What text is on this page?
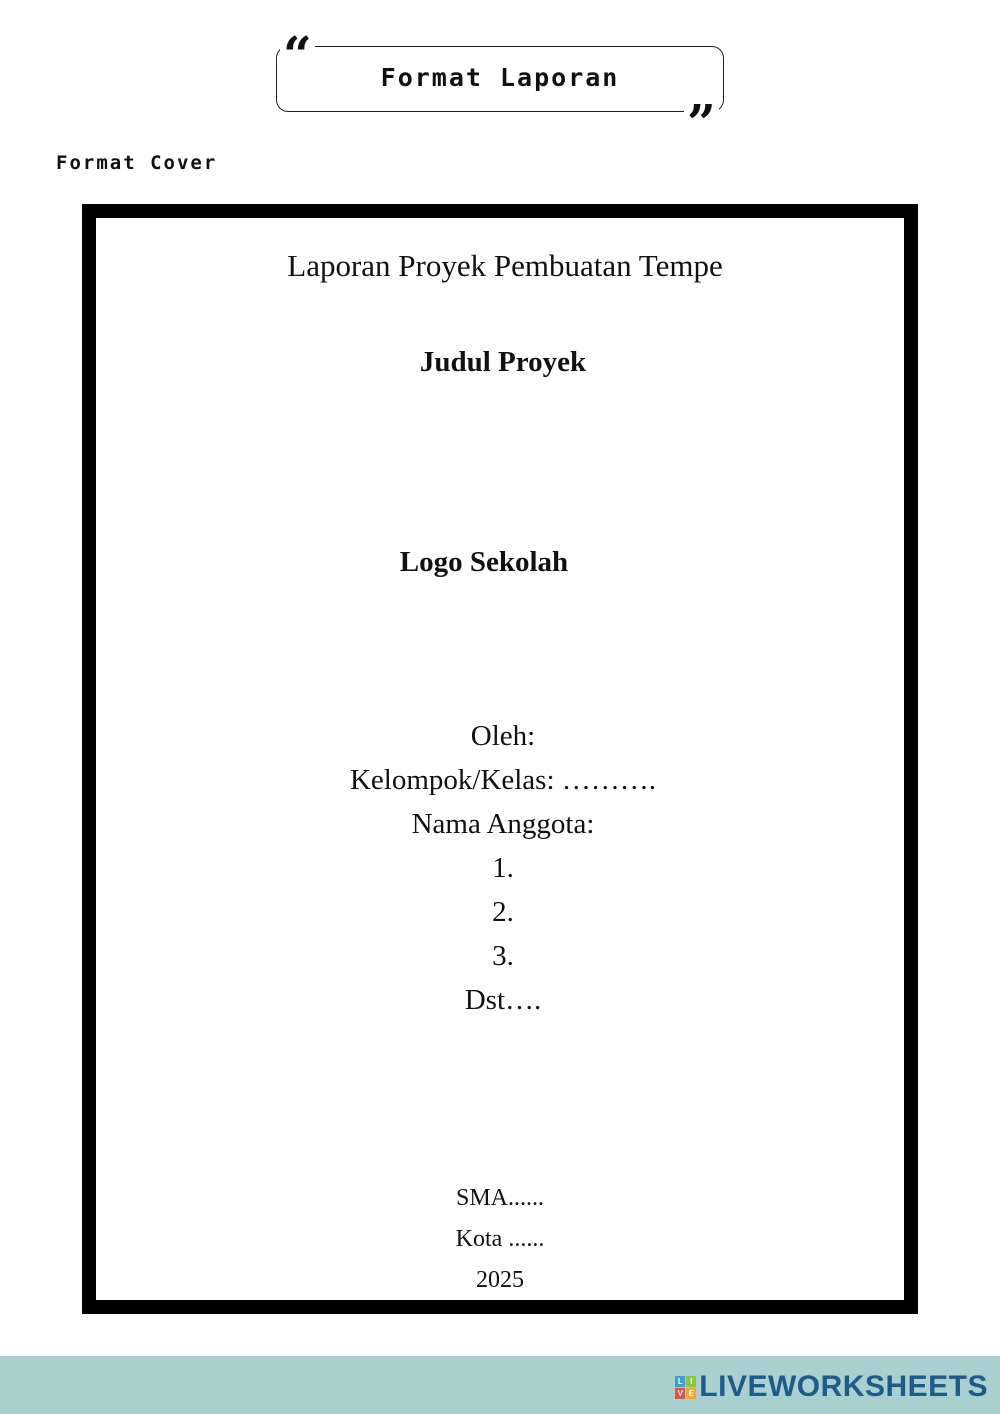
Format Laporan
“
”
Format Cover
Laporan Proyek Pembuatan Tempe
Judul Proyek
Logo Sekolah
Oleh:
Kelompok/Kelas: ……….
Nama Anggota:
1.
2.
3.
Dst….
SMA......
Kota ......
2025
L I
V E LIVEWORKSHEETS
